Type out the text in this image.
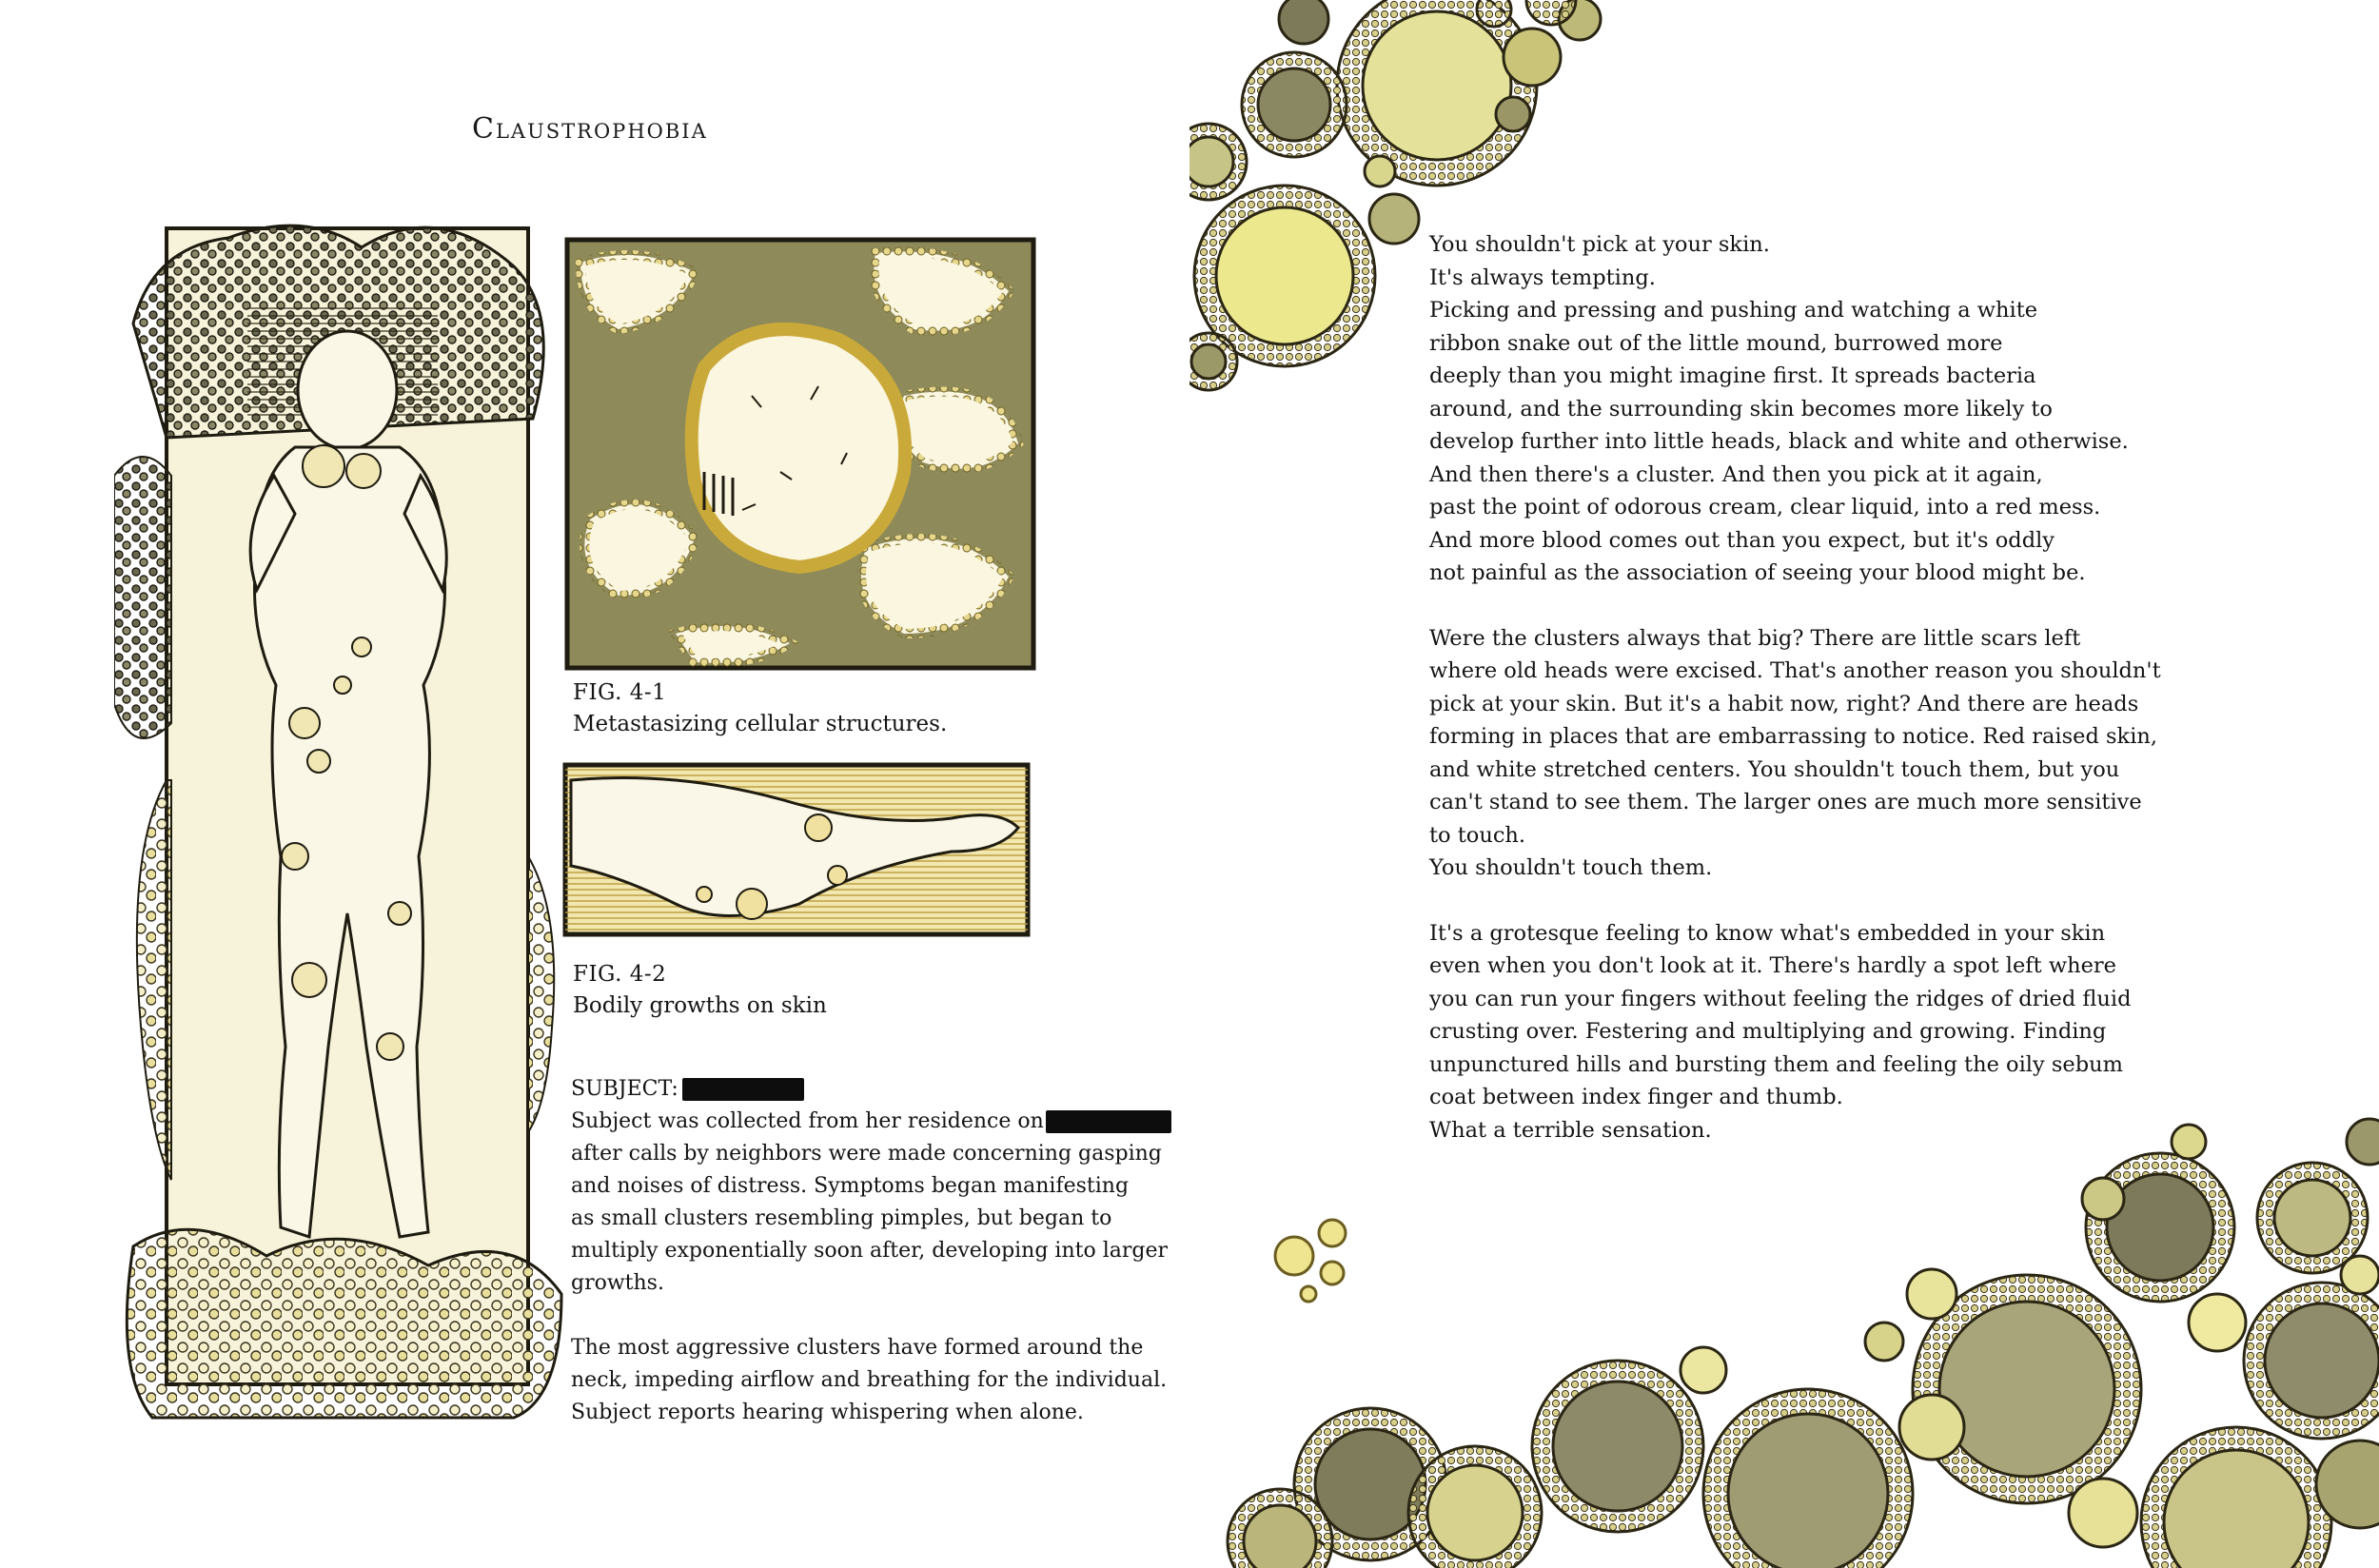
Claustrophobia
FIG. 4-1
Metastasizing cellular structures.
FIG. 4-2
Bodily growths on skin
SUBJECT:
Subject was collected from her residence on
after calls by neighbors were made concerning gasping
and noises of distress. Symptoms began manifesting
as small clusters resembling pimples, but began to
multiply exponentially soon after, developing into larger
growths.
The most aggressive clusters have formed around the
neck, impeding airflow and breathing for the individual.
Subject reports hearing whispering when alone.
You shouldn't pick at your skin.
It's always tempting.
Picking and pressing and pushing and watching a white
ribbon snake out of the little mound, burrowed more
deeply than you might imagine first. It spreads bacteria
around, and the surrounding skin becomes more likely to
develop further into little heads, black and white and otherwise.
And then there's a cluster. And then you pick at it again,
past the point of odorous cream, clear liquid, into a red mess.
And more blood comes out than you expect, but it's oddly
not painful as the association of seeing your blood might be.
Were the clusters always that big? There are little scars left
where old heads were excised. That's another reason you shouldn't
pick at your skin. But it's a habit now, right? And there are heads
forming in places that are embarrassing to notice. Red raised skin,
and white stretched centers. You shouldn't touch them, but you
can't stand to see them. The larger ones are much more sensitive
to touch.
You shouldn't touch them.
It's a grotesque feeling to know what's embedded in your skin
even when you don't look at it. There's hardly a spot left where
you can run your fingers without feeling the ridges of dried fluid
crusting over. Festering and multiplying and growing. Finding
unpunctured hills and bursting them and feeling the oily sebum
coat between index finger and thumb.
What a terrible sensation.
